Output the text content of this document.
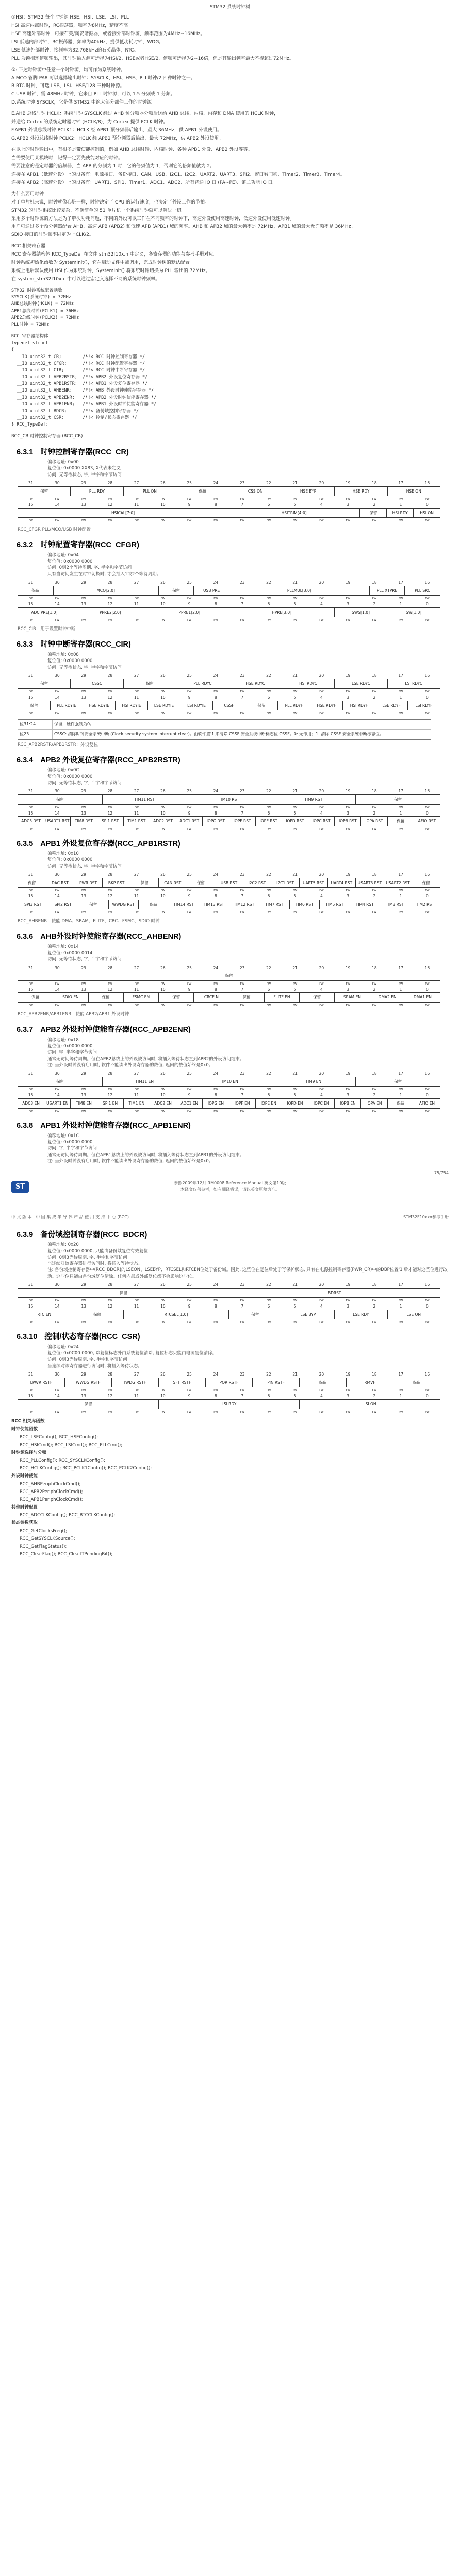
STM32 系统时钟树

①HSI：STM32 每个时钟源 HSE、HSI、LSE、LSI、PLL。

HSI 高速内部时钟，RC振荡器，频率为8MHz，精度不高。

HSE 高速外部时钟，可接石英/陶瓷谐振器，或者接外部时钟源，频率范围为4MHz~16MHz。

LSI 低速内部时钟，RC振荡器，频率为40kHz，提供低功耗时钟，WDG。

LSE 低速外部时钟，接频率为32.768kHz的石英晶体，RTC。

PLL 为锁相环倍频输出，其时钟输入源可选择为HSI/2、HSE或者HSE/2，倍频可选择为2~16倍，但是其输出频率最大不得超过72MHz。

①: 下述时钟源中任意一个时钟源，均可作为系统时钟。

A.MCO 管脚 PA8 可以选择输出时钟：SYSCLK、HSI、HSE、PLL时钟/2 四种时钟之一。

B.RTC 时钟，可选 LSE、LSI、HSE/128 三种时钟源。

C.USB 时钟，需 48MHz 时钟，它来自 PLL 时钟源，可以 1.5 分频或 1 分频。

D.系统时钟 SYSCLK，它是供 STM32 中绝大部分部件工作的时钟源。

E.AHB 总线时钟 HCLK：系统时钟 SYSCLK 经过 AHB 预分频器分频后送给 AHB 总线、内核、内存和 DMA 使用的 HCLK 时钟，

并送给 Cortex 的系统定时器时钟 (HCLK/8)，为 Cortex 提供 FCLK 时钟。

F.APB1 外设总线时钟 PCLK1：HCLK 经 APB1 预分频器后输出，最大 36MHz，供 APB1 外设使用。

G.APB2 外设总线时钟 PCLK2：HCLK 经 APB2 预分频器后输出，最大 72MHz，供 APB2 外设使用。

在以上的时钟输出中，有很多是带使能控制的，例如 AHB 总线时钟、内核时钟、各种 APB1 外设、APB2 外设等等。

当需要使用某模块时，记得一定要先使能对应的时钟。

需要注意的是定时器的倍频器，当 APB 的分频为 1 时，它的倍频值为 1，否则它的倍频值就为 2。

连接在 APB1（低速外设）上的设备有：电源接口、备份接口、CAN、USB、I2C1、I2C2、UART2、UART3、SPI2、窗口看门狗、Timer2、Timer3、Timer4。

连接在 APB2（高速外设）上的设备有：UART1、SPI1、Timer1、ADC1、ADC2、所有普通 IO 口 (PA~PE)、第二功能 IO 口。

为什么要用时钟

对于单片机来说，时钟就像心脏一样，时钟决定了 CPU 的运行速度，也决定了外设工作的节拍。

STM32 的时钟系统比较复杂，不像简单的 51 单片机一个系统时钟就可以解决一切。

采用多个时钟源的方法是为了解决功耗问题，不同的外设可以工作在不同频率的时钟下，高速外设使用高速时钟，低速外设使用低速时钟。

用户可通过多个预分频器配置 AHB、高速 APB (APB2) 和低速 APB (APB1) 域的频率。AHB 和 APB2 域的最大频率是 72MHz，APB1 域的最大允许频率是 36MHz。

SDIO 接口的时钟频率固定为 HCLK/2。

RCC 相关寄存器

RCC 寄存器结构体 RCC_TypeDef 在文件 stm32f10x.h 中定义，各寄存器的功能与参考手册对应。

时钟系统初始化函数为 SystemInit()，它在启动文件中被调用，完成时钟树的默认配置。

系统上电后默认使用 HSI 作为系统时钟，SystemInit() 将系统时钟切换为 PLL 输出的 72MHz。

在 system_stm32f10x.c 中可以通过宏定义选择不同的系统时钟频率。

STM32 时钟系统配置函数
SYSCLK(系统时钟) = 72MHz
AHB总线时钟(HCLK) = 72MHz
APB1总线时钟(PCLK1) = 36MHz
APB2总线时钟(PCLK2) = 72MHz
PLL时钟 = 72MHz
RCC 寄存器结构体
typedef struct
{
__IO uint32_t CR;        /*!< RCC 时钟控制寄存器 */
__IO uint32_t CFGR;      /*!< RCC 时钟配置寄存器 */
__IO uint32_t CIR;       /*!< RCC 时钟中断寄存器 */
__IO uint32_t APB2RSTR;  /*!< APB2 外设复位寄存器 */
__IO uint32_t APB1RSTR;  /*!< APB1 外设复位寄存器 */
__IO uint32_t AHBENR;    /*!< AHB 外设时钟使能寄存器 */
__IO uint32_t APB2ENR;   /*!< APB2 外设时钟使能寄存器 */
__IO uint32_t APB1ENR;   /*!< APB1 外设时钟使能寄存器 */
__IO uint32_t BDCR;      /*!< 备份域控制寄存器 */
__IO uint32_t CSR;       /*!< 控制/状态寄存器 */
} RCC_TypeDef;
RCC_CR 时钟控制寄存器 (RCC_CR)
6.3.1 时钟控制寄存器(RCC_CR)
偏移地址: 0x00
复位值: 0x0000 XX83, X代表未定义
访问: 无等待状态, 字, 半字和字节访问
31	30	29	28	27	26	25	24	23	22	21	20	19	18	17	16
保留	PLL RDY	PLL ON	保留	CSS ON	HSE BYP	HSE RDY	HSE ON
rw	rw	rw	rw	rw	rw	rw	rw	rw	rw	rw	rw	rw	rw	rw	rw
15	14	13	12	11	10	9	8	7	6	5	4	3	2	1	0
HSICAL[7:0]	HSITRIM[4:0]	保留	HSI RDY	HSI ON
rw	rw	rw	rw	rw	rw	rw	rw	rw	rw	rw	rw	rw	rw	rw	rw
RCC_CFGR PLL/MCO/USB 时钟配置
6.3.2 时钟配置寄存器(RCC_CFGR)
偏移地址: 0x04
复位值: 0x0000 0000
访问: 0到2个等待周期, 字, 半字和字节访问
只有当访问发生在时钟切换时, 才会插入1或2个等待周期。
31	30	29	28	27	26	25	24	23	22	21	20	19	18	17	16
保留	MCO[2:0]	保留	USB PRE	PLLMUL[3:0]	PLL XTPRE	PLL SRC
rw	rw	rw	rw	rw	rw	rw	rw	rw	rw	rw	rw	rw	rw	rw	rw
15	14	13	12	11	10	9	8	7	6	5	4	3	2	1	0
ADC PRE[1:0]	PPRE2[2:0]	PPRE1[2:0]	HPRE[3:0]	SWS[1:0]	SW[1:0]
rw	rw	rw	rw	rw	rw	rw	rw	rw	rw	rw	rw	rw	rw	rw	rw
RCC_CIR：用于设置时钟中断
6.3.3 时钟中断寄存器(RCC_CIR)
偏移地址: 0x08
复位值: 0x0000 0000
访问: 无等待状态, 字, 半字和字节访问
31	30	29	28	27	26	25	24	23	22	21	20	19	18	17	16
保留	CSSC	保留	PLL RDYC	HSE RDYC	HSI RDYC	LSE RDYC	LSI RDYC
rw	rw	rw	rw	rw	rw	rw	rw	rw	rw	rw	rw	rw	rw	rw	rw
15	14	13	12	11	10	9	8	7	6	5	4	3	2	1	0
保留	PLL RDYIE	HSE RDYIE	HSI RDYIE	LSE RDYIE	LSI RDYIE	CSSF	保留	PLL RDYF	HSE RDYF	HSI RDYF	LSE RDYF	LSI RDYF
rw	rw	rw	rw	rw	rw	rw	rw	rw	rw	rw	rw	rw	rw	rw	rw
位31:24	保留，硬件强制为0。
位23	CSSC: 清除时钟安全系统中断 (Clock security system interrupt clear)。由软件置'1'来清除 CSSF 安全系统中断标志位 CSSF。0: 无作用；1: 清除 CSSF 安全系统中断标志位。
RCC_APB2RSTR/APB1RSTR：外设复位
6.3.4 APB2 外设复位寄存器(RCC_APB2RSTR)
偏移地址: 0x0C
复位值: 0x0000 0000
访问: 无等待状态, 字, 半字和字节访问
31	30	29	28	27	26	25	24	23	22	21	20	19	18	17	16
保留	TIM11 RST	TIM10 RST	TIM9 RST	保留
rw	rw	rw	rw	rw	rw	rw	rw	rw	rw	rw	rw	rw	rw	rw	rw
15	14	13	12	11	10	9	8	7	6	5	4	3	2	1	0
ADC3 RST	USART1 RST	TIM8 RST	SPI1 RST	TIM1 RST	ADC2 RST	ADC1 RST	IOPG RST	IOPF RST	IOPE RST	IOPD RST	IOPC RST	IOPB RST	IOPA RST	保留	AFIO RST
rw	rw	rw	rw	rw	rw	rw	rw	rw	rw	rw	rw	rw	rw	rw	rw
6.3.5 APB1 外设复位寄存器(RCC_APB1RSTR)
偏移地址: 0x10
复位值: 0x0000 0000
访问: 无等待状态, 字, 半字和字节访问
31	30	29	28	27	26	25	24	23	22	21	20	19	18	17	16
保留	DAC RST	PWR RST	BKP RST	保留	CAN RST	保留	USB RST	I2C2 RST	I2C1 RST	UART5 RST	UART4 RST	USART3 RST	USART2 RST	保留
rw	rw	rw	rw	rw	rw	rw	rw	rw	rw	rw	rw	rw	rw	rw	rw
15	14	13	12	11	10	9	8	7	6	5	4	3	2	1	0
SPI3 RST	SPI2 RST	保留	WWDG RST	保留	TIM14 RST	TIM13 RST	TIM12 RST	TIM7 RST	TIM6 RST	TIM5 RST	TIM4 RST	TIM3 RST	TIM2 RST
rw	rw	rw	rw	rw	rw	rw	rw	rw	rw	rw	rw	rw	rw	rw	rw
RCC_AHBENR：使能 DMA、SRAM、FLITF、CRC、FSMC、SDIO 时钟
6.3.6 AHB外设时钟使能寄存器(RCC_AHBENR)
偏移地址: 0x14
复位值: 0x0000 0014
访问: 无等待状态, 字, 半字和字节访问
31	30	29	28	27	26	25	24	23	22	21	20	19	18	17	16
保留
rw	rw	rw	rw	rw	rw	rw	rw	rw	rw	rw	rw	rw	rw	rw	rw
15	14	13	12	11	10	9	8	7	6	5	4	3	2	1	0
保留	SDIO EN	保留	FSMC EN	保留	CRCE N	保留	FLITF EN	保留	SRAM EN	DMA2 EN	DMA1 EN
rw	rw	rw	rw	rw	rw	rw	rw	rw	rw	rw	rw	rw	rw	rw	rw
RCC_APB2ENR/APB1ENR：使能 APB2/APB1 外设时钟
6.3.7 APB2 外设时钟使能寄存器(RCC_APB2ENR)
偏移地址: 0x18
复位值: 0x0000 0000
访问: 字, 半字和字节访问
通常无访问等待周期。但在APB2总线上的外设被访问时, 将插入等待状态直到APB2的外设访问结束。
注: 当外设时钟没有启用时, 软件不能读出外设寄存器的数值, 返回的数值始终是0x0。
31	30	29	28	27	26	25	24	23	22	21	20	19	18	17	16
保留	TIM11 EN	TIM10 EN	TIM9 EN	保留
rw	rw	rw	rw	rw	rw	rw	rw	rw	rw	rw	rw	rw	rw	rw	rw
15	14	13	12	11	10	9	8	7	6	5	4	3	2	1	0
ADC3 EN	USART1 EN	TIM8 EN	SPI1 EN	TIM1 EN	ADC2 EN	ADC1 EN	IOPG EN	IOPF EN	IOPE EN	IOPD EN	IOPC EN	IOPB EN	IOPA EN	保留	AFIO EN
rw	rw	rw	rw	rw	rw	rw	rw	rw	rw	rw	rw	rw	rw	rw	rw
6.3.8 APB1 外设时钟使能寄存器(RCC_APB1ENR)
偏移地址: 0x1C
复位值: 0x0000 0000
访问: 字, 半字和字节访问
通常无访问等待周期。但在APB1总线上的外设被访问时, 将插入等待状态直到APB1的外设访问结束。
注: 当外设时钟没有启用时, 软件不能读出外设寄存器的数值, 返回的数值始终是0x0。
ST	参照2009年12月 RM0008 Reference Manual 英文第10版
本译文仅供参考，如有翻译错误，请以英文原稿为准。
75/754
中 文 版 本 · 中 国 集 成 半 导 体 产 品 使 用 支 持 中 心 (RCC)	STM32F10xxx参考手册
6.3.9 备份域控制寄存器(RCC_BDCR)
偏移地址: 0x20
复位值: 0x0000 0000, 只能由备份域复位有效复位
访问: 0到3等待周期, 字, 半字和字节访问
当连续对该寄存器进行访问时, 将插入等待状态。
注: 备份域控制寄存器中(RCC_BDCR)的LSEON、LSEBYP、RTCSEL和RTCEN位处于备份域。因此, 这些位在复位后处于写保护状态, 只有在电源控制寄存器(PWR_CR)中的DBP位置'1'后才能对这些位进行改动。这些位只能由备份域复位清除。任何内部或外部复位都不会影响这些位。
31	30	29	28	27	26	25	24	23	22	21	20	19	18	17	16
保留	BDRST
rw	rw	rw	rw	rw	rw	rw	rw	rw	rw	rw	rw	rw	rw	rw	rw
15	14	13	12	11	10	9	8	7	6	5	4	3	2	1	0
RTC EN	保留	RTCSEL[1:0]	保留	LSE BYP	LSE RDY	LSE ON
rw	rw	rw	rw	rw	rw	rw	rw	rw	rw	rw	rw	rw	rw	rw	rw
6.3.10 控制/状态寄存器(RCC_CSR)
偏移地址: 0x24
复位值: 0x0C00 0000, 除复位标志外由系统复位清除, 复位标志只能由电源复位清除。
访问: 0到3等待周期, 字, 半字和字节访问
当连续对该寄存器进行访问时, 将插入等待状态。
31	30	29	28	27	26	25	24	23	22	21	20	19	18	17	16
LPWR RSTF	WWDG RSTF	IWDG RSTF	SFT RSTF	POR RSTF	PIN RSTF	保留	RMVF	保留
rw	rw	rw	rw	rw	rw	rw	rw	rw	rw	rw	rw	rw	rw	rw	rw
15	14	13	12	11	10	9	8	7	6	5	4	3	2	1	0
保留	LSI RDY	LSI ON
rw	rw	rw	rw	rw	rw	rw	rw	rw	rw	rw	rw	rw	rw	rw	rw
RCC 相关库函数
时钟使能函数
RCC_LSEConfig(); RCC_HSEConfig();
RCC_HSICmd(); RCC_LSICmd(); RCC_PLLCmd();
时钟源选择与分频
RCC_PLLConfig(); RCC_SYSCLKConfig();
RCC_HCLKConfig(); RCC_PCLK1Config(); RCC_PCLK2Config();
外设时钟使能
RCC_AHBPeriphClockCmd();
RCC_APB2PeriphClockCmd();
RCC_APB1PeriphClockCmd();
其他时钟配置
RCC_ADCCLKConfig(); RCC_RTCCLKConfig();
状态参数获取
RCC_GetClocksFreq();
RCC_GetSYSCLKSource();
RCC_GetFlagStatus();
RCC_ClearFlag(); RCC_ClearITPendingBit();
